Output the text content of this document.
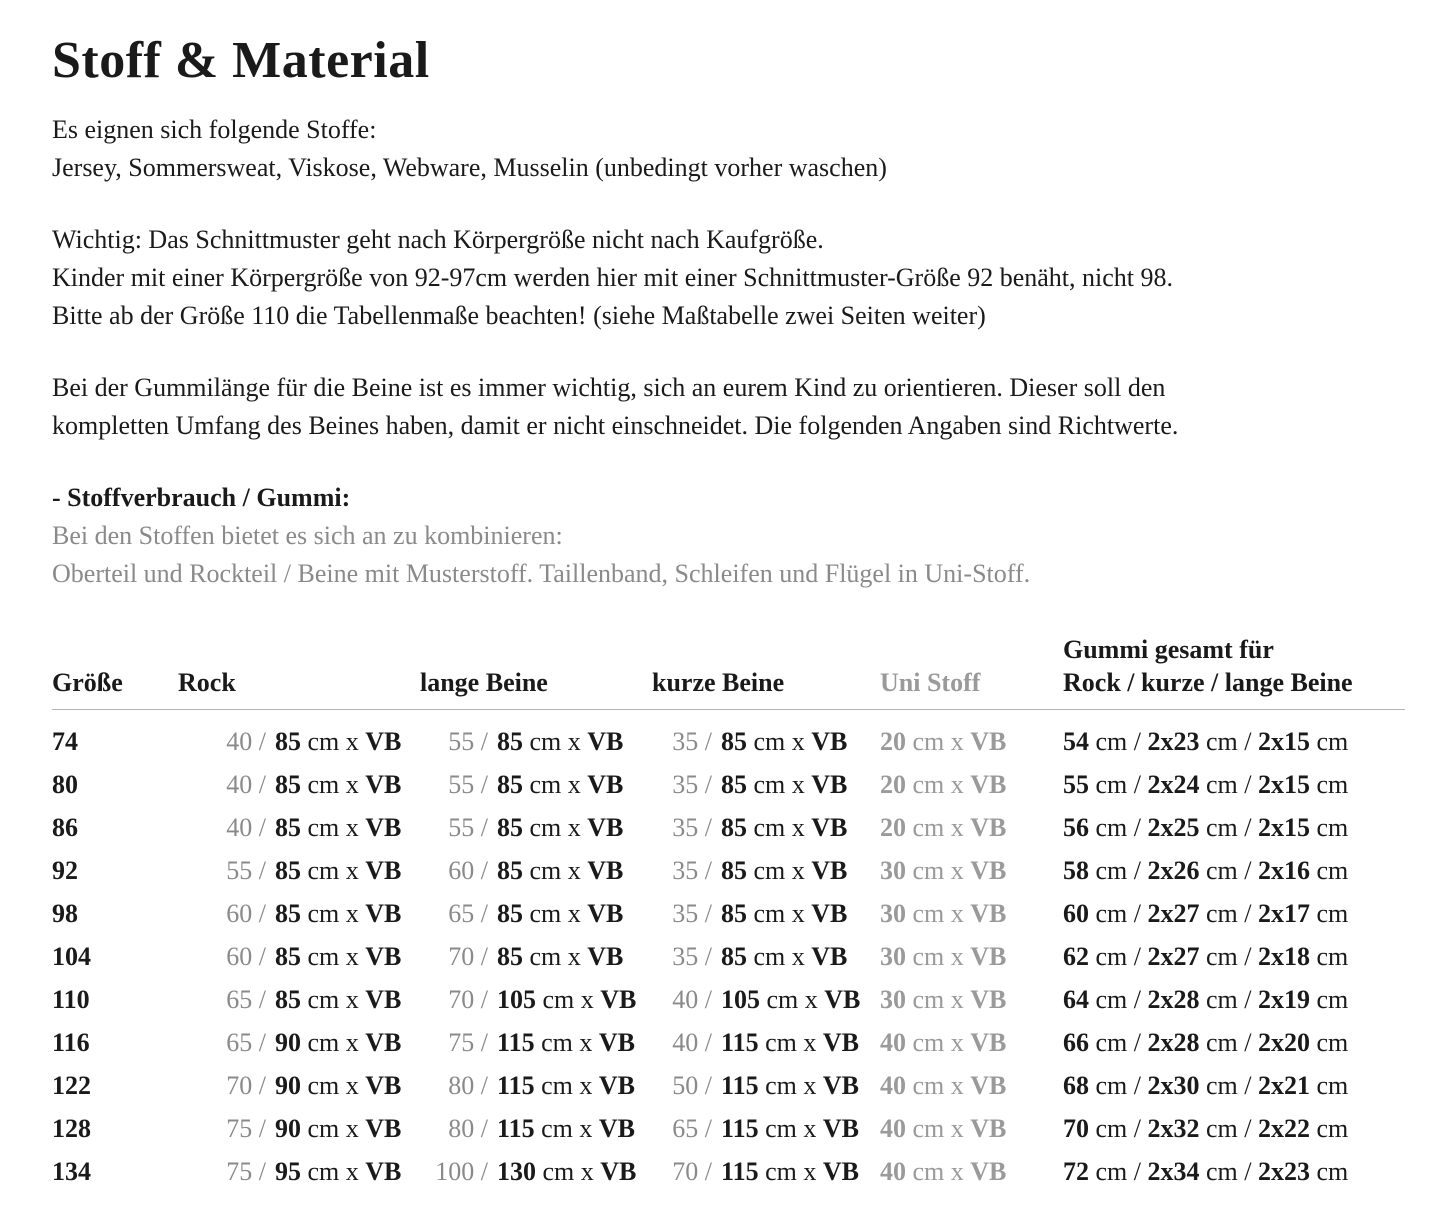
Stoff & Material
Es eignen sich folgende Stoffe:
Jersey, Sommersweat, Viskose, Webware, Musselin (unbedingt vorher waschen)
Wichtig: Das Schnittmuster geht nach Körpergröße nicht nach Kaufgröße.
Kinder mit einer Körpergröße von 92-97cm werden hier mit einer Schnittmuster-Größe 92 benäht, nicht 98.
Bitte ab der Größe 110 die Tabellenmaße beachten! (siehe Maßtabelle zwei Seiten weiter)
Bei der Gummilänge für die Beine ist es immer wichtig, sich an eurem Kind zu orientieren. Dieser soll den
kompletten Umfang des Beines haben, damit er nicht einschneidet. Die folgenden Angaben sind Richtwerte.
- Stoffverbrauch / Gummi:
Bei den Stoffen bietet es sich an zu kombinieren:
Oberteil und Rockteil / Beine mit Musterstoff. Taillenband, Schleifen und Flügel in Uni-Stoff.
Größe	Rock	lange Beine	kurze Beine	Uni Stoff
Gummi gesamt für
Rock / kurze / lange Beine
74	40 / 85 cm x VB	55 / 85 cm x VB	35 / 85 cm x VB	20 cm x VB	54 cm / 2x23 cm / 2x15 cm
80	40 / 85 cm x VB	55 / 85 cm x VB	35 / 85 cm x VB	20 cm x VB	55 cm / 2x24 cm / 2x15 cm
86	40 / 85 cm x VB	55 / 85 cm x VB	35 / 85 cm x VB	20 cm x VB	56 cm / 2x25 cm / 2x15 cm
92	55 / 85 cm x VB	60 / 85 cm x VB	35 / 85 cm x VB	30 cm x VB	58 cm / 2x26 cm / 2x16 cm
98	60 / 85 cm x VB	65 / 85 cm x VB	35 / 85 cm x VB	30 cm x VB	60 cm / 2x27 cm / 2x17 cm
104	60 / 85 cm x VB	70 / 85 cm x VB	35 / 85 cm x VB	30 cm x VB	62 cm / 2x27 cm / 2x18 cm
110	65 / 85 cm x VB	70 / 105 cm x VB	40 / 105 cm x VB 30 cm x VB	64 cm / 2x28 cm / 2x19 cm
116	65 / 90 cm x VB	75 / 115 cm x VB	40 / 115 cm x VB 40 cm x VB	66 cm / 2x28 cm / 2x20 cm
122	70 / 90 cm x VB	80 / 115 cm x VB	50 / 115 cm x VB 40 cm x VB	68 cm / 2x30 cm / 2x21 cm
128	75 / 90 cm x VB	80 / 115 cm x VB	65 / 115 cm x VB 40 cm x VB	70 cm / 2x32 cm / 2x22 cm
134	75 / 95 cm x VB	100 / 130 cm x VB	70 / 115 cm x VB 40 cm x VB	72 cm / 2x34 cm / 2x23 cm
